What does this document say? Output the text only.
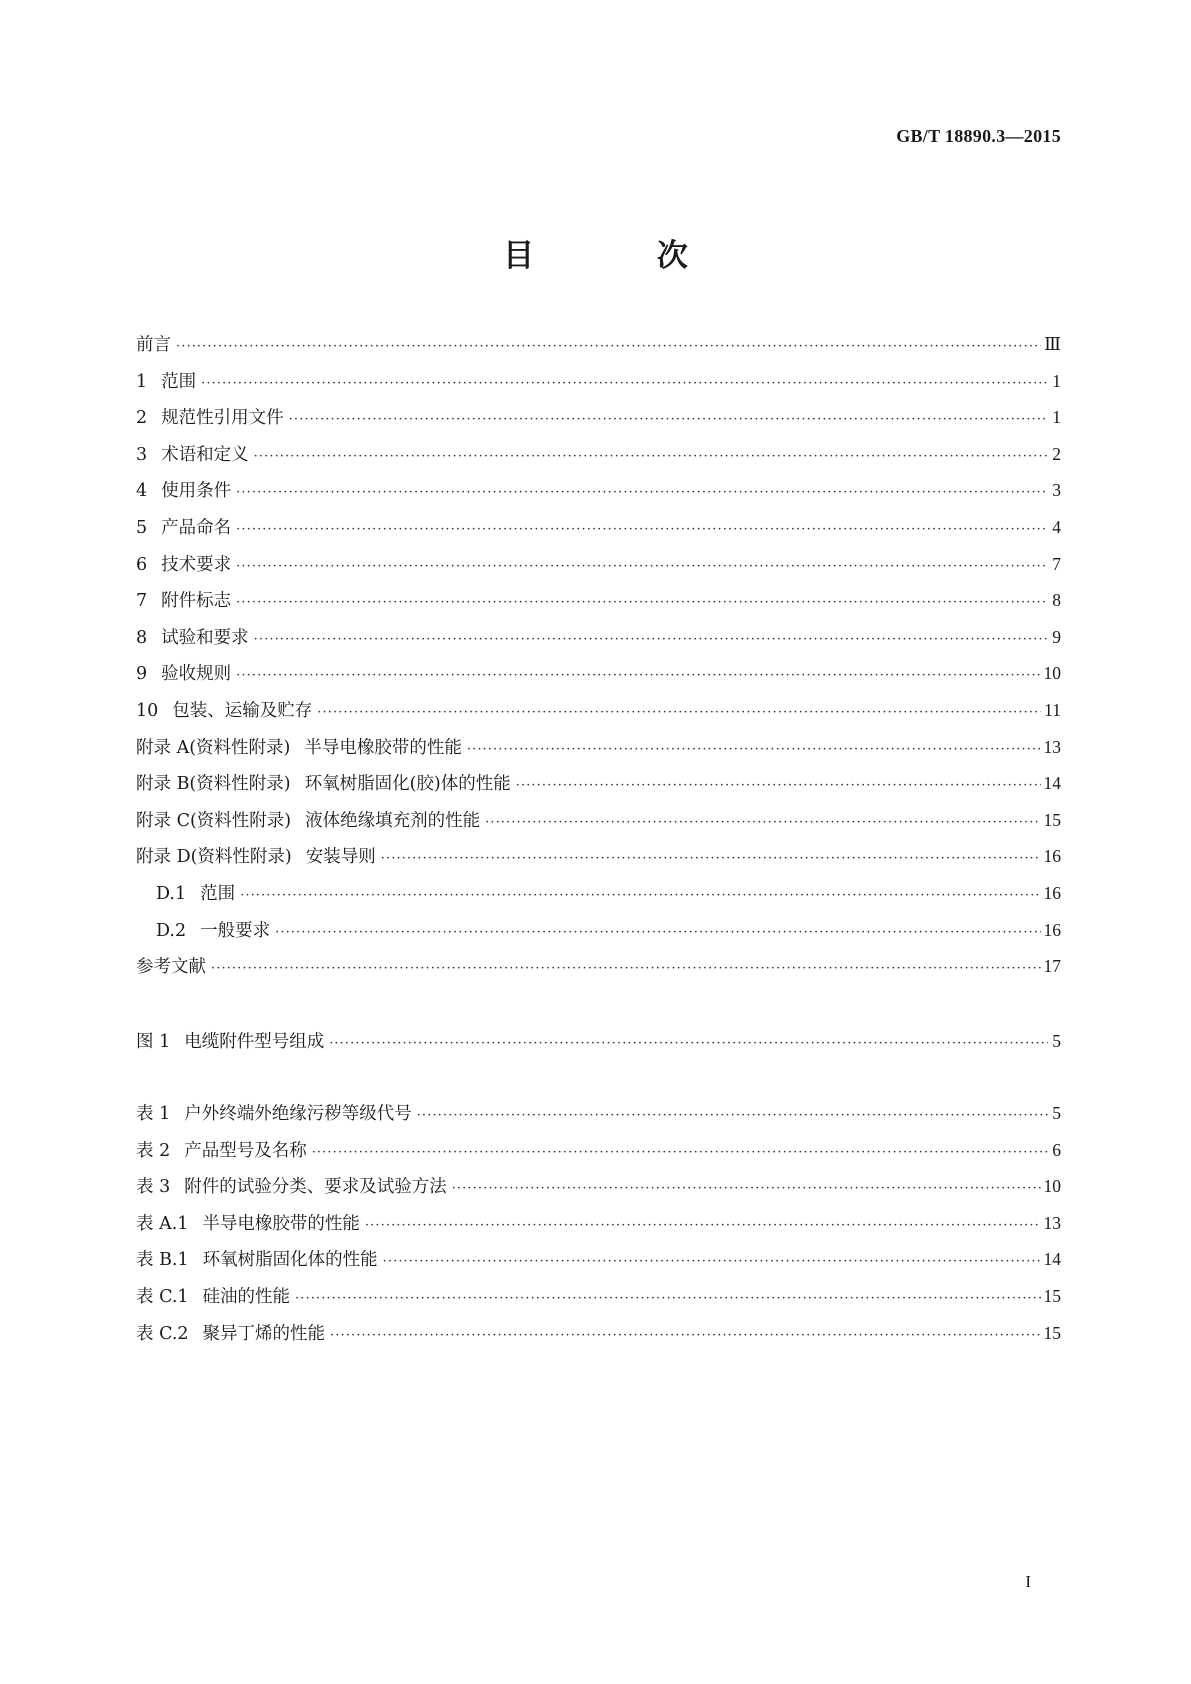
GB/T 18890.3—2015
目 次
前言 ·····	Ⅲ
1 范围 ·····	1
2 规范性引用文件 ·····	1
3 术语和定义 ·····	2
4 使用条件 ·····	3
5 产品命名 ·····	4
6 技术要求 ·····	7
7 附件标志 ·····	8
8 试验和要求 ·····	9
9 验收规则 ·····	10
10 包装、运输及贮存 ·····	11
附录 A(资料性附录) 半导电橡胶带的性能 ·····	13
附录 B(资料性附录) 环氧树脂固化(胶)体的性能 ·····	14
附录 C(资料性附录) 液体绝缘填充剂的性能 ·····	15
附录 D(资料性附录) 安装导则 ·····	16
D.1 范围 ·····	16
D.2 一般要求 ·····	16
参考文献 ·····	17
图 1 电缆附件型号组成 ·····	5
表 1 户外终端外绝缘污秽等级代号 ·····	5
表 2 产品型号及名称 ·····	6
表 3 附件的试验分类、要求及试验方法 ·····	10
表 A.1 半导电橡胶带的性能 ·····	13
表 B.1 环氧树脂固化体的性能 ·····	14
表 C.1 硅油的性能 ·····	15
表 C.2 聚异丁烯的性能 ·····	15
I
